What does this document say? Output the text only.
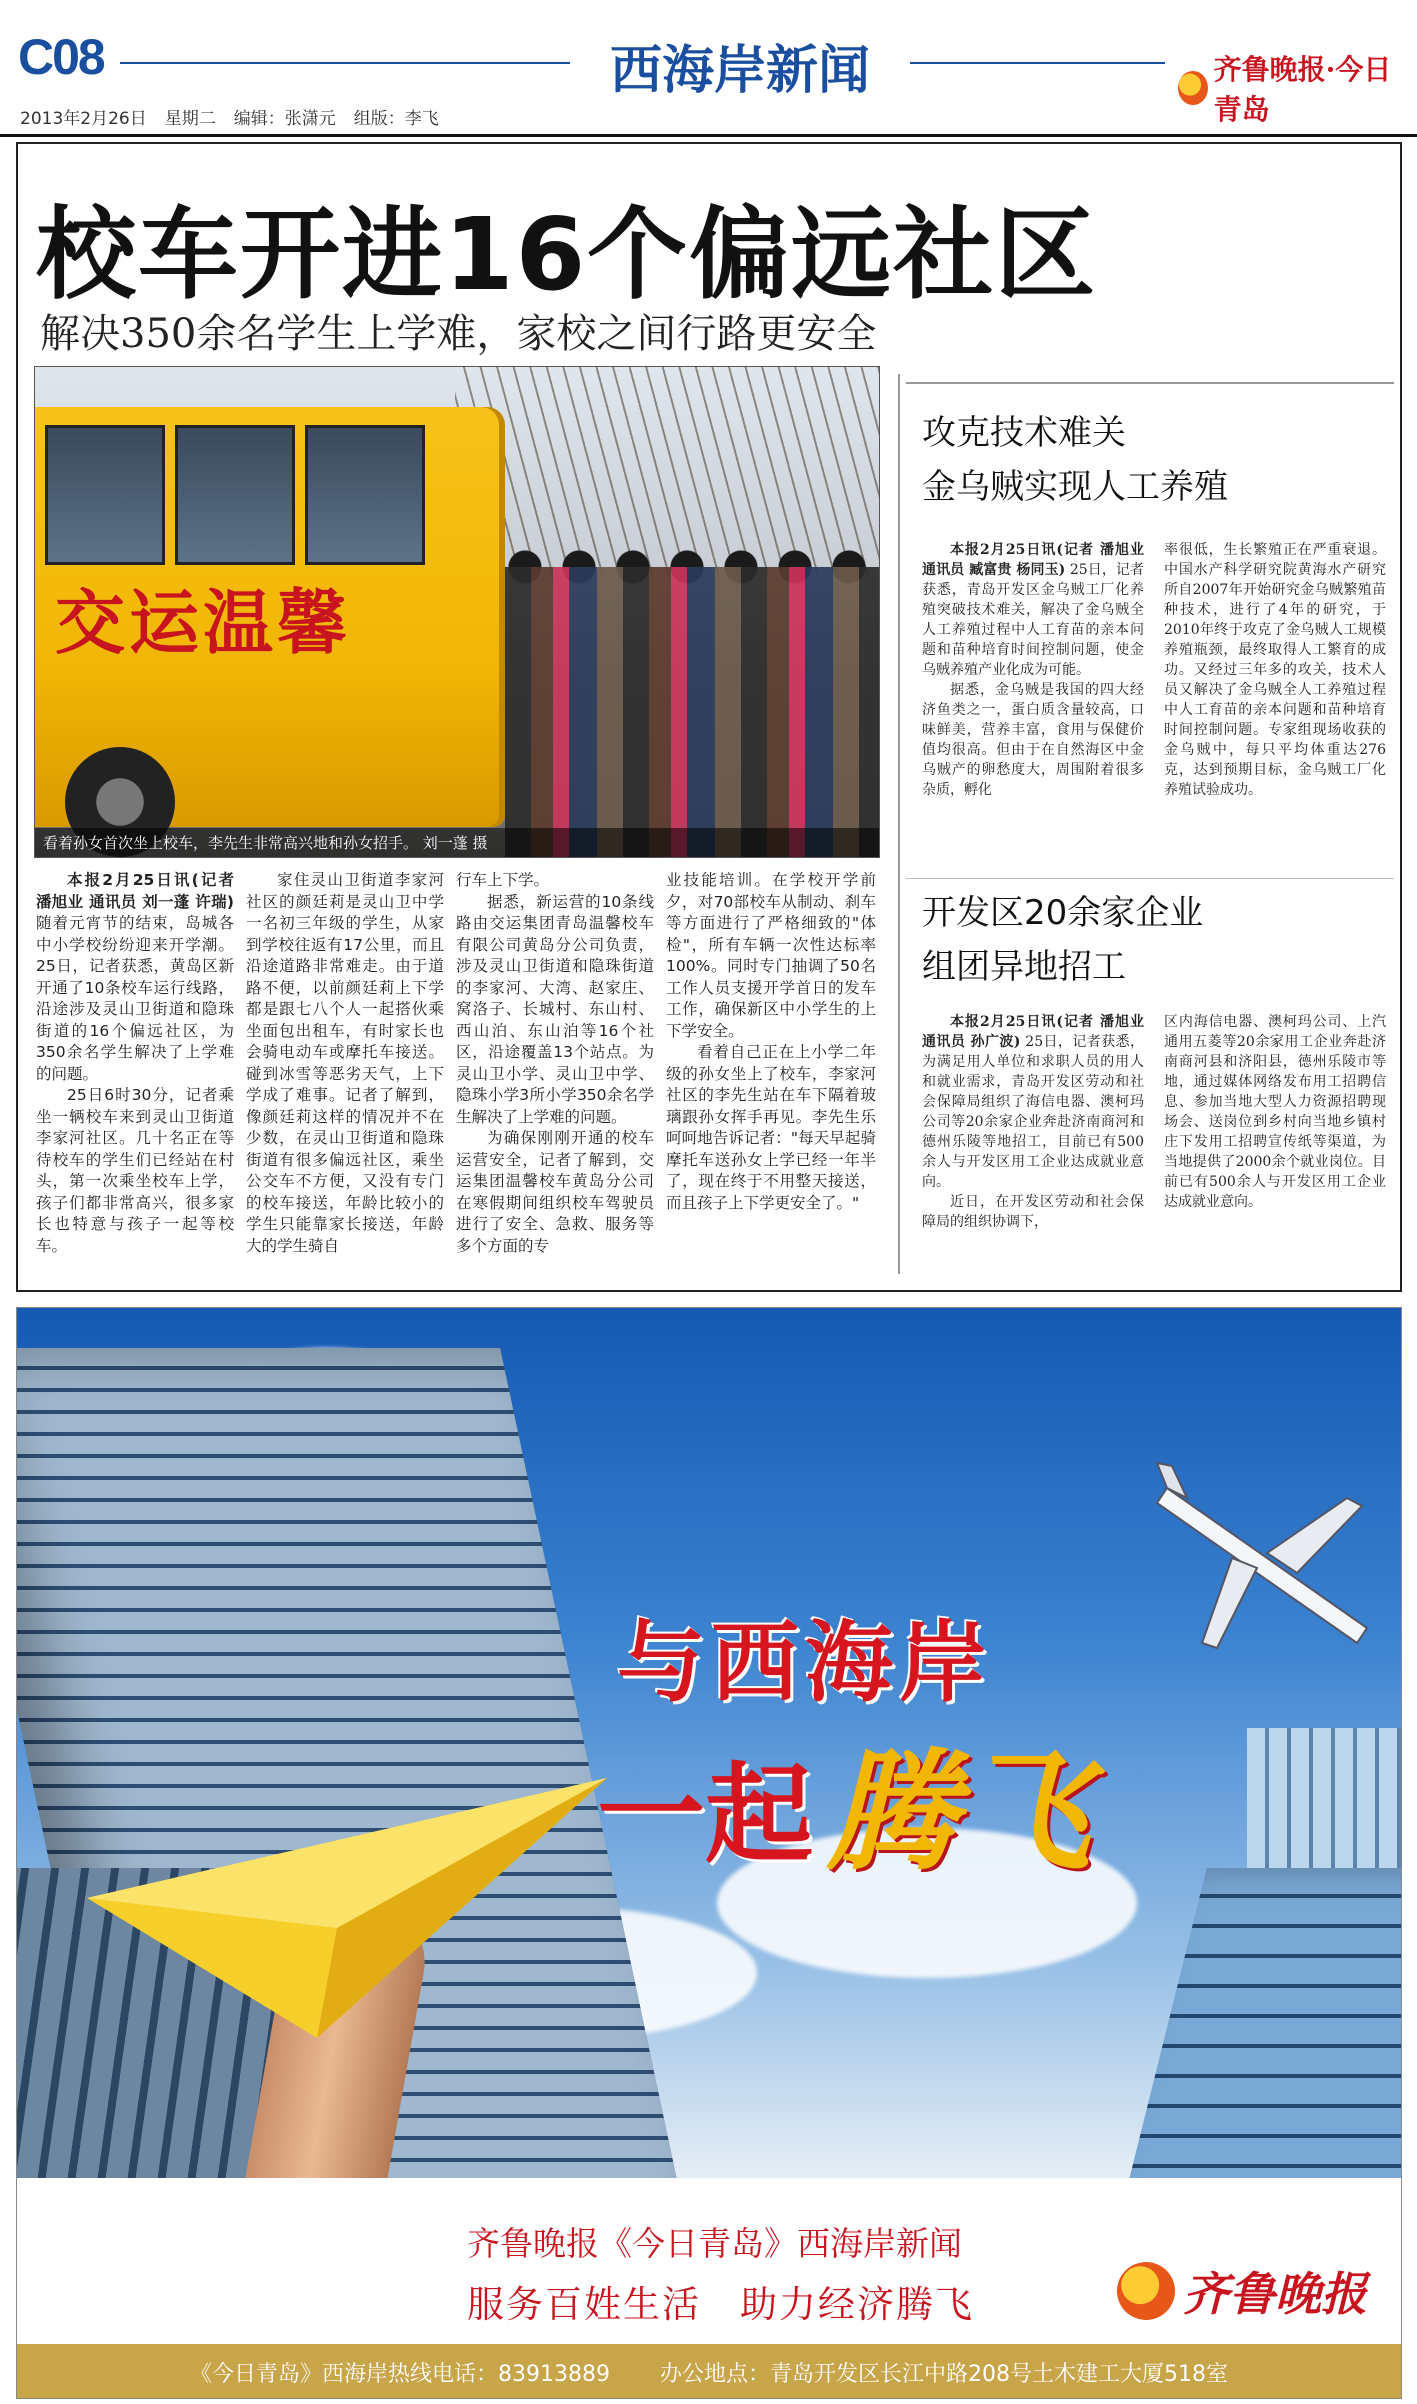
C08	西海岸新闻	齐鲁晚报·今日青岛
2013年2月26日 星期二 编辑：张潇元 组版：李飞
校车开进16个偏远社区
解决350余名学生上学难，家校之间行路更安全
交运温馨
看着孙女首次坐上校车，李先生非常高兴地和孙女招手。 刘一蓬 摄

本报2月25日讯(记者 潘旭业 通讯员 刘一蓬 许瑞) 随着元宵节的结束，岛城各中小学校纷纷迎来开学潮。25日，记者获悉，黄岛区新开通了10条校车运行线路，沿途涉及灵山卫街道和隐珠街道的16个偏远社区，为350余名学生解决了上学难的问题。

25日6时30分，记者乘坐一辆校车来到灵山卫街道李家河社区。几十名正在等待校车的学生们已经站在村头，第一次乘坐校车上学，孩子们都非常高兴，很多家长也特意与孩子一起等校车。

家住灵山卫街道李家河社区的颜廷莉是灵山卫中学一名初三年级的学生，从家到学校往返有17公里，而且沿途道路非常难走。由于道路不便，以前颜廷莉上下学都是跟七八个人一起搭伙乘坐面包出租车，有时家长也会骑电动车或摩托车接送。碰到冰雪等恶劣天气，上下学成了难事。记者了解到，像颜廷莉这样的情况并不在少数，在灵山卫街道和隐珠街道有很多偏远社区，乘坐公交车不方便，又没有专门的校车接送，年龄比较小的学生只能靠家长接送，年龄大的学生骑自

行车上下学。

据悉，新运营的10条线路由交运集团青岛温馨校车有限公司黄岛分公司负责，涉及灵山卫街道和隐珠街道的李家河、大湾、赵家庄、窝洛子、长城村、东山村、西山泊、东山泊等16个社区，沿途覆盖13个站点。为灵山卫小学、灵山卫中学、隐珠小学3所小学350余名学生解决了上学难的问题。

为确保刚刚开通的校车运营安全，记者了解到，交运集团温馨校车黄岛分公司在寒假期间组织校车驾驶员进行了安全、急救、服务等多个方面的专

业技能培训。在学校开学前夕，对70部校车从制动、刹车等方面进行了严格细致的"体检"，所有车辆一次性达标率100%。同时专门抽调了50名工作人员支援开学首日的发车工作，确保新区中小学生的上下学安全。

看着自己正在上小学二年级的孙女坐上了校车，李家河社区的李先生站在车下隔着玻璃跟孙女挥手再见。李先生乐呵呵地告诉记者："每天早起骑摩托车送孙女上学已经一年半了，现在终于不用整天接送，而且孩子上下学更安全了。"

攻克技术难关
金乌贼实现人工养殖

本报2月25日讯(记者 潘旭业 通讯员 臧富贵 杨同玉) 25日，记者获悉，青岛开发区金乌贼工厂化养殖突破技术难关，解决了金乌贼全人工养殖过程中人工育苗的亲本问题和苗种培育时间控制问题，使金乌贼养殖产业化成为可能。

据悉，金乌贼是我国的四大经济鱼类之一，蛋白质含量较高，口味鲜美，营养丰富，食用与保健价值均很高。但由于在自然海区中金乌贼产的卵愁度大，周围附着很多杂质，孵化

率很低，生长繁殖正在严重衰退。中国水产科学研究院黄海水产研究所自2007年开始研究金乌贼繁殖苗种技术，进行了4年的研究，于2010年终于攻克了金乌贼人工规模养殖瓶颈，最终取得人工繁育的成功。又经过三年多的攻关，技术人员又解决了金乌贼全人工养殖过程中人工育苗的亲本问题和苗种培育时间控制问题。专家组现场收获的金乌贼中，每只平均体重达276克，达到预期目标，金乌贼工厂化养殖试验成功。

开发区20余家企业
组团异地招工

本报2月25日讯(记者 潘旭业 通讯员 孙广波) 25日，记者获悉，为满足用人单位和求职人员的用人和就业需求，青岛开发区劳动和社会保障局组织了海信电器、澳柯玛公司等20余家企业奔赴济南商河和德州乐陵等地招工，目前已有500余人与开发区用工企业达成就业意向。

近日，在开发区劳动和社会保障局的组织协调下，

区内海信电器、澳柯玛公司、上汽通用五菱等20余家用工企业奔赴济南商河县和济阳县，德州乐陵市等地，通过媒体网络发布用工招聘信息、参加当地大型人力资源招聘现场会、送岗位到乡村向当地乡镇村庄下发用工招聘宣传纸等渠道，为当地提供了2000余个就业岗位。目前已有500余人与开发区用工企业达成就业意向。

与西海岸
一起 腾飞
齐鲁晚报《今日青岛》西海岸新闻
服务百姓生活　助力经济腾飞	齐鲁晚报
《今日青岛》西海岸热线电话：83913889 办公地点：青岛开发区长江中路208号土木建工大厦518室
